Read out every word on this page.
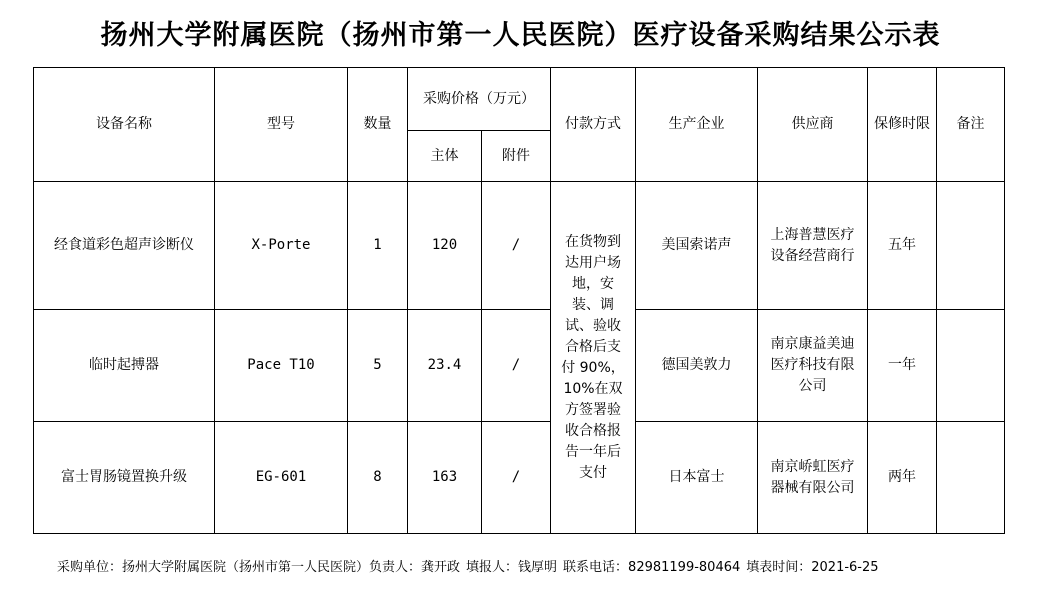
扬州大学附属医院（扬州市第一人民医院）医疗设备采购结果公示表
设备名称	型号	数量	采购价格（万元）		付款方式	生产企业	供应商	保修时限	备注
			主体	附件					
经食道彩色超声诊断仪	X-Porte	1	120	/	在货物到达用户场地，安装、调试、验收合格后支付 90%，10%在双方签署验收合格报告一年后支付	美国索诺声	上海普慧医疗设备经营商行	五年	
临时起搏器	Pace T10	5	23.4	/		德国美敦力	南京康益美迪医疗科技有限公司	一年	
富士胃肠镜置换升级	EG-601	8	163	/		日本富士	南京峤虹医疗器械有限公司	两年	
采购单位：扬州大学附属医院（扬州市第一人民医院）负责人：龚开政 填报人：钱厚明 联系电话：82981199-80464 填表时间：2021-6-25
